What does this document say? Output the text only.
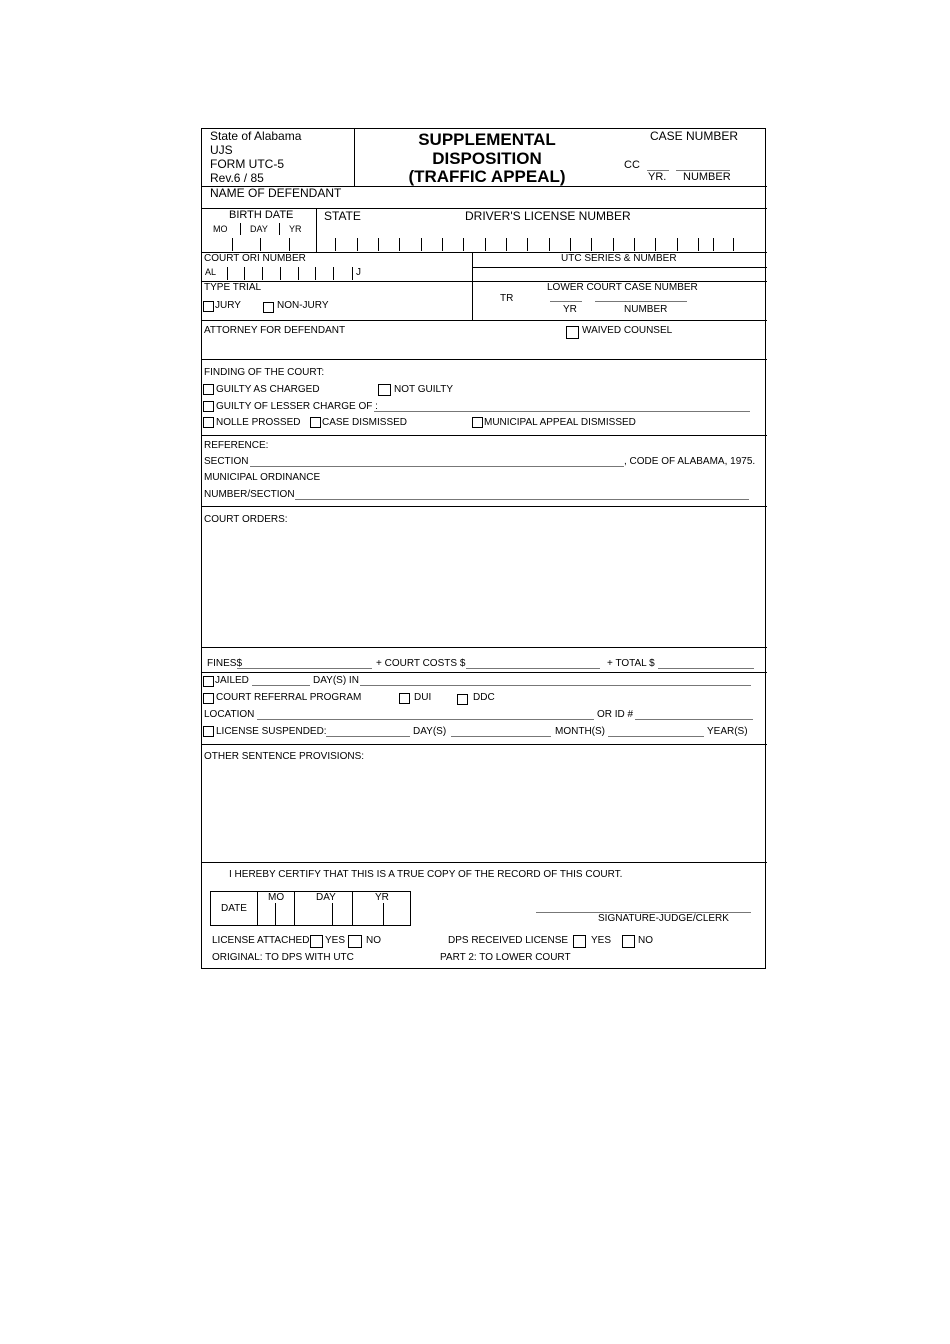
State of Alabama
UJS
FORM UTC-5
Rev.6 / 85
SUPPLEMENTAL
DISPOSITION
(TRAFFIC APPEAL)
CASE NUMBER
CC
YR. NUMBER
NAME OF DEFENDANT
BIRTH DATE
MO	DAY YR
STATE	DRIVER'S LICENSE NUMBER
COURT ORI NUMBER
AL	J
UTC SERIES & NUMBER
TYPE TRIAL
JURY	NON-JURY
TR
LOWER COURT CASE NUMBER
YR	NUMBER
ATTORNEY FOR DEFENDANT	WAIVED COUNSEL
FINDING OF THE COURT:
GUILTY AS CHARGED	NOT GUILTY
GUILTY OF LESSER CHARGE OF :
NOLLE PROSSED CASE DISMISSED	MUNICIPAL APPEAL DISMISSED
REFERENCE:
SECTION	, CODE OF ALABAMA, 1975.
MUNICIPAL ORDINANCE
NUMBER/SECTION
COURT ORDERS:
FINES$	+ COURT COSTS $	+ TOTAL $
JAILED	DAY(S) IN
COURT REFERRAL PROGRAM	DUI	DDC
LOCATION	OR ID #
LICENSE SUSPENDED:	DAY(S)	MONTH(S)	YEAR(S)
OTHER SENTENCE PROVISIONS:
I HEREBY CERTIFY THAT THIS IS A TRUE COPY OF THE RECORD OF THIS COURT.
DATE
MO	DAY	YR
SIGNATURE-JUDGE/CLERK
LICENSE ATTACHED YES NO	DPS RECEIVED LICENSE YES	NO
ORIGINAL: TO DPS WITH UTC	PART 2: TO LOWER COURT
